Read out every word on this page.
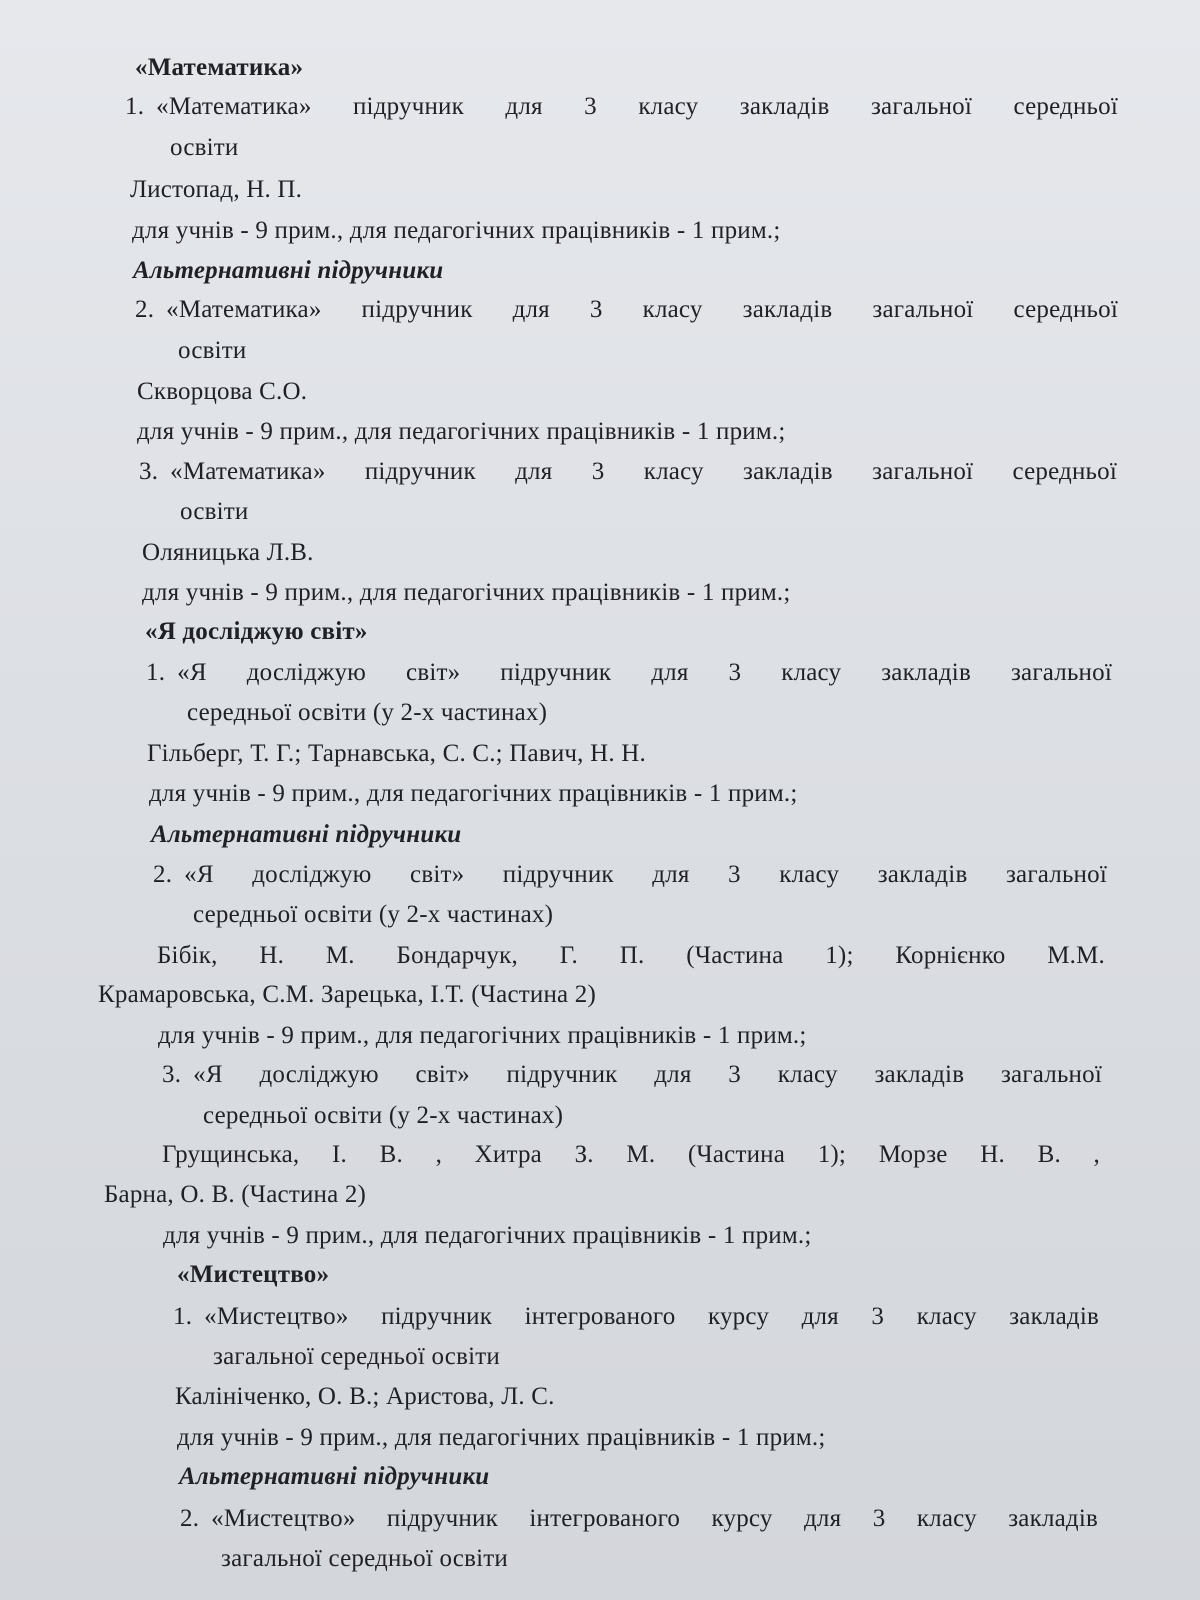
«Математика»
1. «Математика» підручник для 3 класу закладів загальної середньої
освіти
Листопад, Н. П.
для учнів - 9 прим., для педагогічних працівників - 1 прим.;
Альтернативні підручники
2. «Математика» підручник для 3 класу закладів загальної середньої
освіти
Скворцова С.О.
для учнів - 9 прим., для педагогічних працівників - 1 прим.;
3. «Математика» підручник для 3 класу закладів загальної середньої
освіти
Оляницька Л.В.
для учнів - 9 прим., для педагогічних працівників - 1 прим.;
«Я досліджую світ»
1. «Я досліджую світ» підручник для 3 класу закладів загальної
середньої освіти (у 2-х частинах)
Гільберг, Т. Г.; Тарнавська, С. С.; Павич, Н. Н.
для учнів - 9 прим., для педагогічних працівників - 1 прим.;
Альтернативні підручники
2. «Я досліджую світ» підручник для 3 класу закладів загальної
середньої освіти (у 2-х частинах)
Бібік, Н. М. Бондарчук, Г. П. (Частина 1); Корнієнко М.М.
Крамаровська, С.М. Зарецька, І.Т. (Частина 2)
для учнів - 9 прим., для педагогічних працівників - 1 прим.;
3. «Я досліджую світ» підручник для 3 класу закладів загальної
середньої освіти (у 2-х частинах)
Грущинська, І. В. , Хитра З. М. (Частина 1); Морзе Н. В. ,
Барна, О. В. (Частина 2)
для учнів - 9 прим., для педагогічних працівників - 1 прим.;
«Мистецтво»
1. «Мистецтво» підручник інтегрованого курсу для 3 класу закладів
загальної середньої освіти
Калініченко, О. В.; Аристова, Л. С.
для учнів - 9 прим., для педагогічних працівників - 1 прим.;
Альтернативні підручники
2. «Мистецтво» підручник інтегрованого курсу для 3 класу закладів
загальної середньої освіти
